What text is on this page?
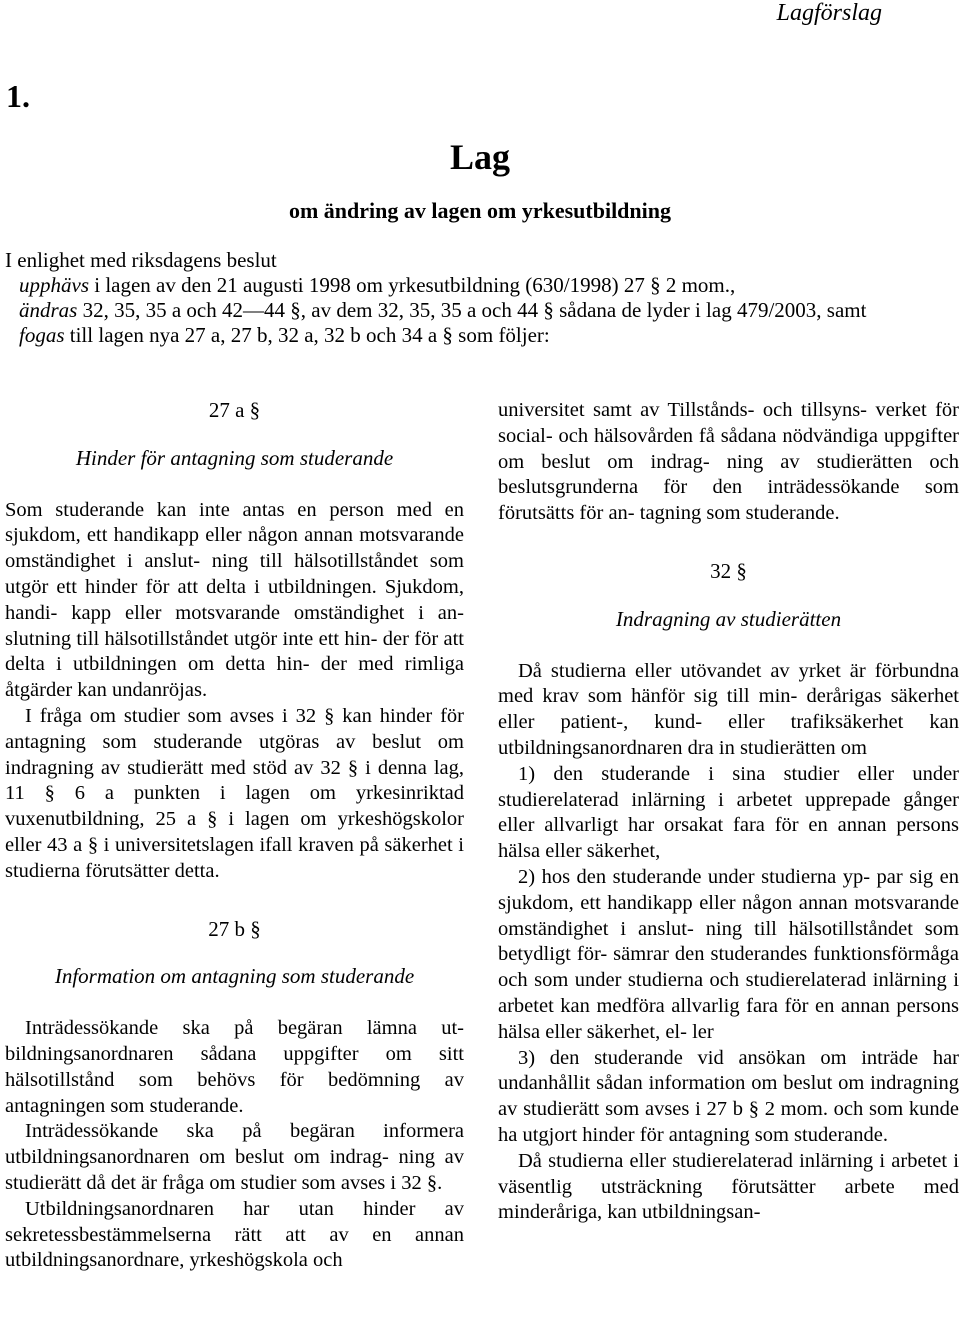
Lagförslag
1.
Lag
om ändring av lagen om yrkesutbildning

I enlighet med riksdagens beslut

upphävs i lagen av den 21 augusti 1998 om yrkesutbildning (630/1998) 27 § 2 mom.,

ändras 32, 35, 35 a och 42—44 §, av dem 32, 35, 35 a och 44 § sådana de lyder i lag 479/2003, samt

fogas till lagen nya 27 a, 27 b, 32 a, 32 b och 34 a § som följer:

27 a §

Hinder för antagning som studerande

Som studerande kan inte antas en person med en sjukdom, ett handikapp eller någon annan motsvarande omständighet i anslut- ning till hälsotillståndet som utgör ett hinder för att delta i utbildningen. Sjukdom, handi- kapp eller motsvarande omständighet i an- slutning till hälsotillståndet utgör inte ett hin- der för att delta i utbildningen om detta hin- der med rimliga åtgärder kan undanröjas.

I fråga om studier som avses i 32 § kan hinder för antagning som studerande utgöras av beslut om indragning av studierätt med stöd av 32 § i denna lag, 11 § 6 a punkten i lagen om yrkesinriktad vuxenutbildning, 25 a § i lagen om yrkeshögskolor eller 43 a § i universitetslagen ifall kraven på säkerhet i studierna förutsätter detta.

27 b §

Information om antagning som studerande

Inträdessökande ska på begäran lämna ut- bildningsanordnaren sådana uppgifter om sitt hälsotillstånd som behövs för bedömning av antagningen som studerande.

Inträdessökande ska på begäran informera utbildningsanordnaren om beslut om indrag- ning av studierätt då det är fråga om studier som avses i 32 §.

Utbildningsanordnaren har utan hinder av sekretessbestämmelserna rätt att av en annan utbildningsanordnare, yrkeshögskola och

universitet samt av Tillstånds- och tillsyns- verket för social- och hälsovården få sådana nödvändiga uppgifter om beslut om indrag- ning av studierätten och beslutsgrunderna för den inträdessökande som förutsätts för an- tagning som studerande.

32 §

Indragning av studierätten

Då studierna eller utövandet av yrket är förbundna med krav som hänför sig till min- derårigas säkerhet eller patient-, kund- eller trafiksäkerhet kan utbildningsanordnaren dra in studierätten om

1) den studerande i sina studier eller under studierelaterad inlärning i arbetet upprepade gånger eller allvarligt har orsakat fara för en annan persons hälsa eller säkerhet,

2) hos den studerande under studierna yp- par sig en sjukdom, ett handikapp eller någon annan motsvarande omständighet i anslut- ning till hälsotillståndet som betydligt för- sämrar den studerandes funktionsförmåga och som under studierna och studierelaterad inlärning i arbetet kan medföra allvarlig fara för en annan persons hälsa eller säkerhet, el- ler

3) den studerande vid ansökan om inträde har undanhållit sådan information om beslut om indragning av studierätt som avses i 27 b § 2 mom. och som kunde ha utgjort hinder för antagning som studerande.

Då studierna eller studierelaterad inlärning i arbetet i väsentlig utsträckning förutsätter arbete med minderåriga, kan utbildningsan-
